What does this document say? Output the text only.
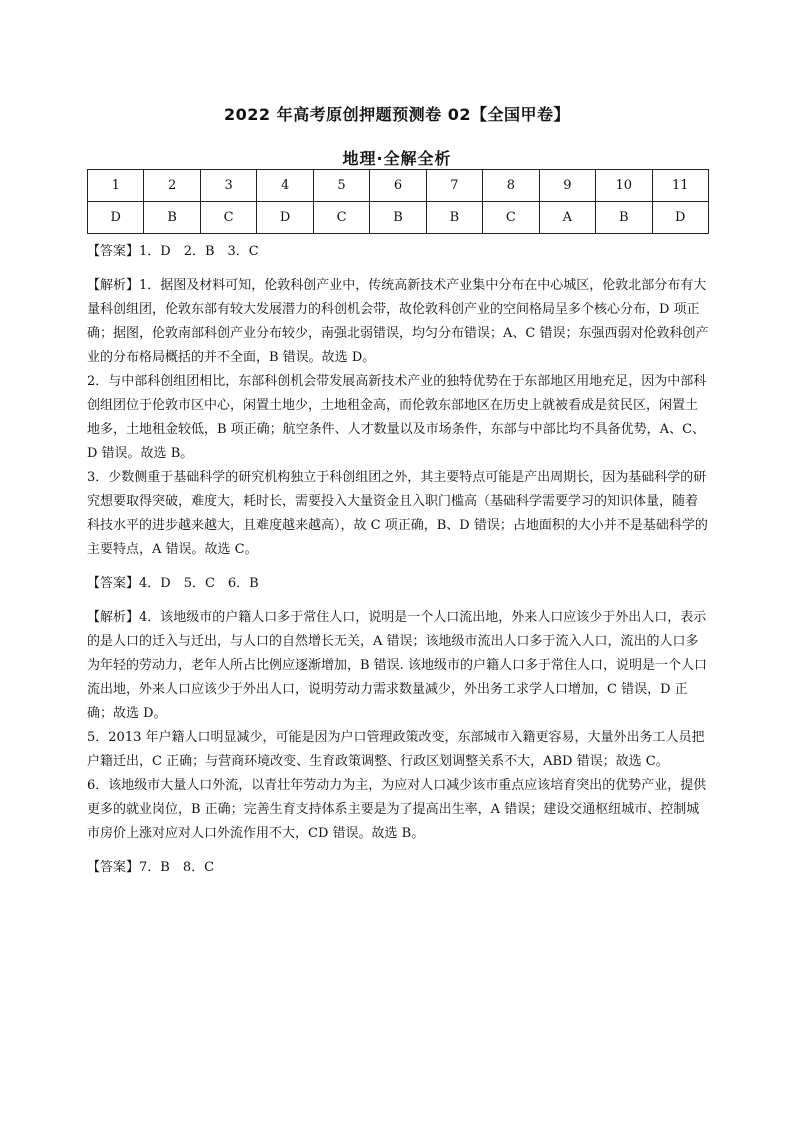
2022 年高考原创押题预测卷 02【全国甲卷】
地理·全解全析
1	2	3	4	5	6	7	8	9	10	11
D	B	C	D	C	B	B	C	A	B	D

【答案】1．D　2．B　3．C

【解析】1．据图及材料可知，伦敦科创产业中，传统高新技术产业集中分布在中心城区，伦敦北部分布有大量科创组团，伦敦东部有较大发展潜力的科创机会带，故伦敦科创产业的空间格局呈多个核心分布，D 项正确；据图，伦敦南部科创产业分布较少，南强北弱错误，均匀分布错误；A、C 错误；东强西弱对伦敦科创产业的分布格局概括的并不全面，B 错误。故选 D。

2．与中部科创组团相比，东部科创机会带发展高新技术产业的独特优势在于东部地区用地充足，因为中部科创组团位于伦敦市区中心，闲置土地少，土地租金高，而伦敦东部地区在历史上就被看成是贫民区，闲置土地多，土地租金较低，B 项正确；航空条件、人才数量以及市场条件，东部与中部比均不具备优势，A、C、D 错误。故选 B。

3．少数侧重于基础科学的研究机构独立于科创组团之外，其主要特点可能是产出周期长，因为基础科学的研究想要取得突破，难度大，耗时长，需要投入大量资金且入职门槛高（基础科学需要学习的知识体量，随着科技水平的进步越来越大，且难度越来越高），故 C 项正确，B、D 错误；占地面积的大小并不是基础科学的主要特点，A 错误。故选 C。

【答案】4．D　5．C　6．B

【解析】4．该地级市的户籍人口多于常住人口，说明是一个人口流出地，外来人口应该少于外出人口，表示的是人口的迁入与迁出，与人口的自然增长无关，A 错误；该地级市流出人口多于流入人口，流出的人口多为年轻的劳动力，老年人所占比例应逐渐增加，B 错误. 该地级市的户籍人口多于常住人口，说明是一个人口流出地，外来人口应该少于外出人口，说明劳动力需求数量减少，外出务工求学人口增加，C 错误，D 正确；故选 D。

5．2013 年户籍人口明显减少，可能是因为户口管理政策改变，东部城市入籍更容易，大量外出务工人员把户籍迁出，C 正确；与营商环境改变、生育政策调整、行政区划调整关系不大，ABD 错误；故选 C。

6．该地级市大量人口外流，以青壮年劳动力为主，为应对人口减少该市重点应该培育突出的优势产业，提供更多的就业岗位，B 正确；完善生育支持体系主要是为了提高出生率，A 错误；建设交通枢纽城市、控制城市房价上涨对应对人口外流作用不大，CD 错误。故选 B。

【答案】7．B　8．C
